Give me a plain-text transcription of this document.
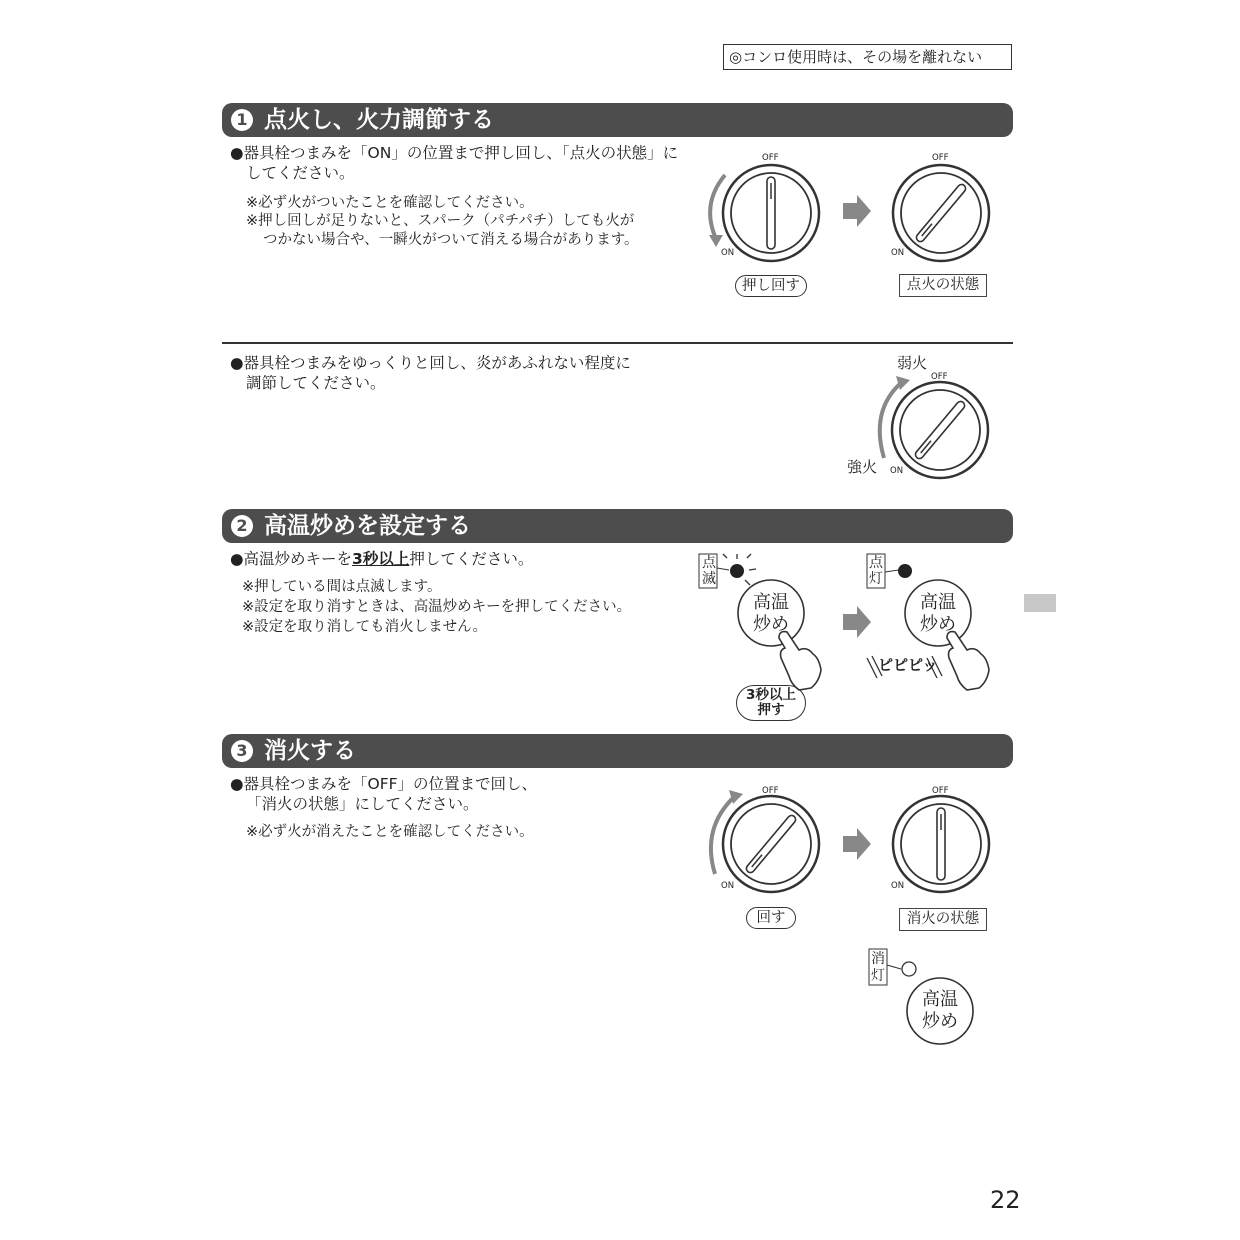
◎コンロ使用時は、その場を離れない
1 点火し、火力調節する
●器具栓つまみを「ON」の位置まで押し回し、「点火の状態」に
してください。
※必ず火がついたことを確認してください。
※押し回しが足りないと、スパーク（パチパチ）しても火が
つかない場合や、一瞬火がついて消える場合があります。
OFF
ON
OFF
ON
押し回す	点火の状態
●器具栓つまみをゆっくりと回し、炎があふれない程度に
調節してください。	OFF
ON
弱火
強火
2 高温炒めを設定する
●高温炒めキーを3秒以上押してください。
※押している間は点滅します。
※設定を取り消すときは、高温炒めキーを押してください。
※設定を取り消しても消火しません。
点
滅
点
灯
高温
炒め
高温
炒め
3秒以上
押す
ピピピッ
3 消火する
●器具栓つまみを「OFF」の位置まで回し、
「消火の状態」にしてください。
※必ず火が消えたことを確認してください。
OFF
ON
OFF
ON
回す	消火の状態
消
灯
高温
炒め
22
